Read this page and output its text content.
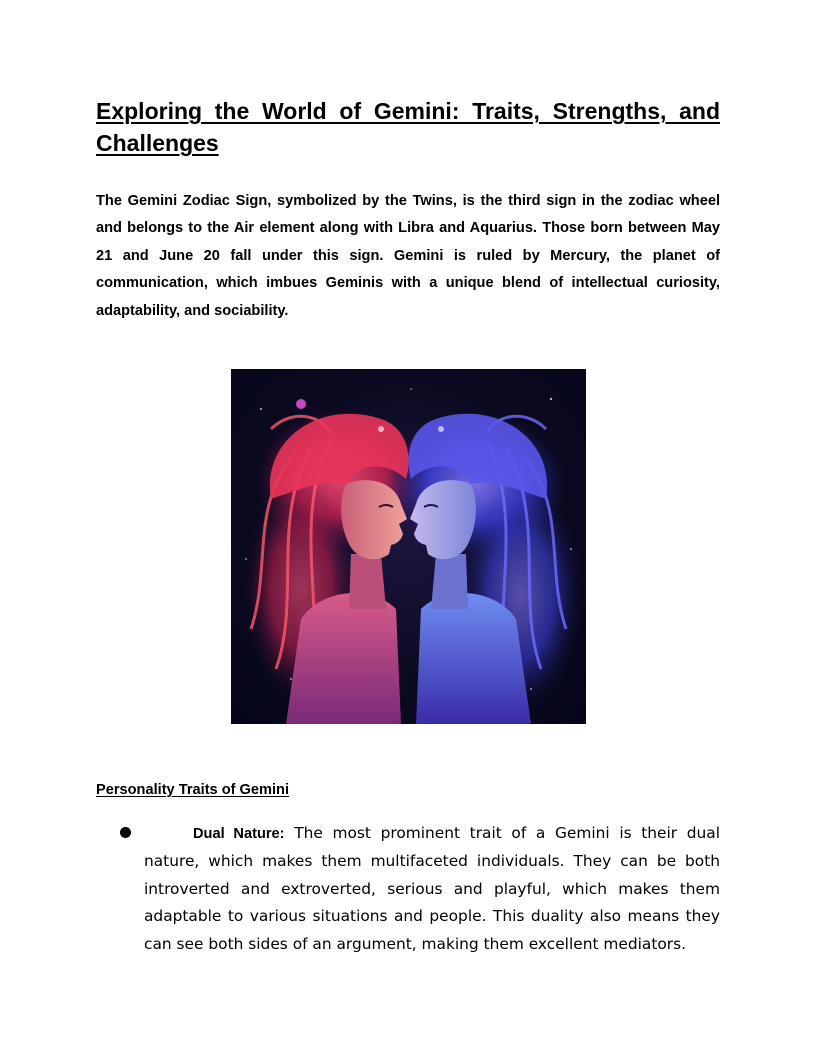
Exploring the World of Gemini: Traits, Strengths, and Challenges

The Gemini Zodiac Sign, symbolized by the Twins, is the third sign in the zodiac wheel and belongs to the Air element along with Libra and Aquarius. Those born between May 21 and June 20 fall under this sign. Gemini is ruled by Mercury, the planet of communication, which imbues Geminis with a unique blend of intellectual curiosity, adaptability, and sociability.

Personality Traits of Gemini

Dual Nature: The most prominent trait of a Gemini is their dual nature, which makes them multifaceted individuals. They can be both introverted and extroverted, serious and playful, which makes them adaptable to various situations and people. This duality also means they can see both sides of an argument, making them excellent mediators.
